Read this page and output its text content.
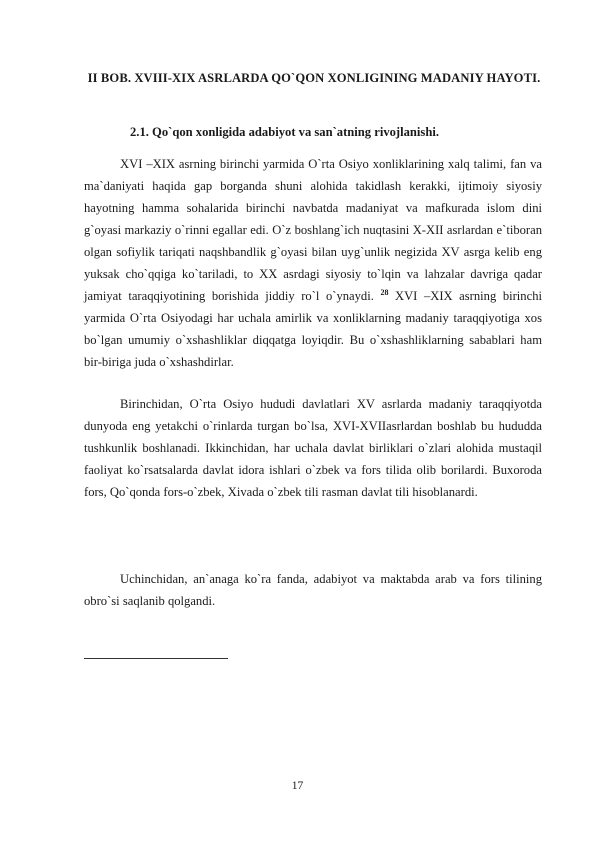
II BOB. XVIII-XIX ASRLARDA QO`QON XONLIGINING MADANIY HAYOTI.
2.1. Qo`qon xonligida adabiyot va san`atning rivojlanishi.

XVI –XIX asrning birinchi yarmida O`rta Osiyo xonliklarining xalq talimi, fan va ma`daniyati haqida gap borganda shuni alohida takidlash kerakki, ijtimoiy siyosiy hayotning hamma sohalarida birinchi navbatda madaniyat va mafkurada islom dini g`oyasi markaziy o`rinni egallar edi. O`z boshlang`ich nuqtasini X-XII asrlardan e`tiboran olgan sofiylik tariqati naqshbandlik g`oyasi bilan uyg`unlik negizida XV asrga kelib eng yuksak cho`qqiga ko`tariladi, to XX asrdagi siyosiy to`lqin va lahzalar davriga qadar jamiyat taraqqiyotining borishida jiddiy ro`l o`ynaydi. $^{28}$ XVI –XIX asrning birinchi yarmida O`rta Osiyodagi har uchala amirlik va xonliklarning madaniy taraqqiyotiga xos bo`lgan umumiy o`xshashliklar diqqatga loyiqdir. Bu o`xshashliklarning sabablari ham bir-biriga juda o`xshashdirlar.

Birinchidan, O`rta Osiyo hududi davlatlari XV asrlarda madaniy taraqqiyotda dunyoda eng yetakchi o`rinlarda turgan bo`lsa, XVI-XVIIasrlardan boshlab bu hududda tushkunlik boshlanadi. Ikkinchidan, har uchala davlat birliklari o`zlari alohida mustaqil faoliyat ko`rsatsalarda davlat idora ishlari o`zbek va fors tilida olib borilardi. Buxoroda fors, Qo`qonda fors-o`zbek, Xivada o`zbek tili rasman davlat tili hisoblanardi.

Uchinchidan, an`anaga ko`ra fanda, adabiyot va maktabda arab va fors tilining obro`si saqlanib qolgandi.

17
